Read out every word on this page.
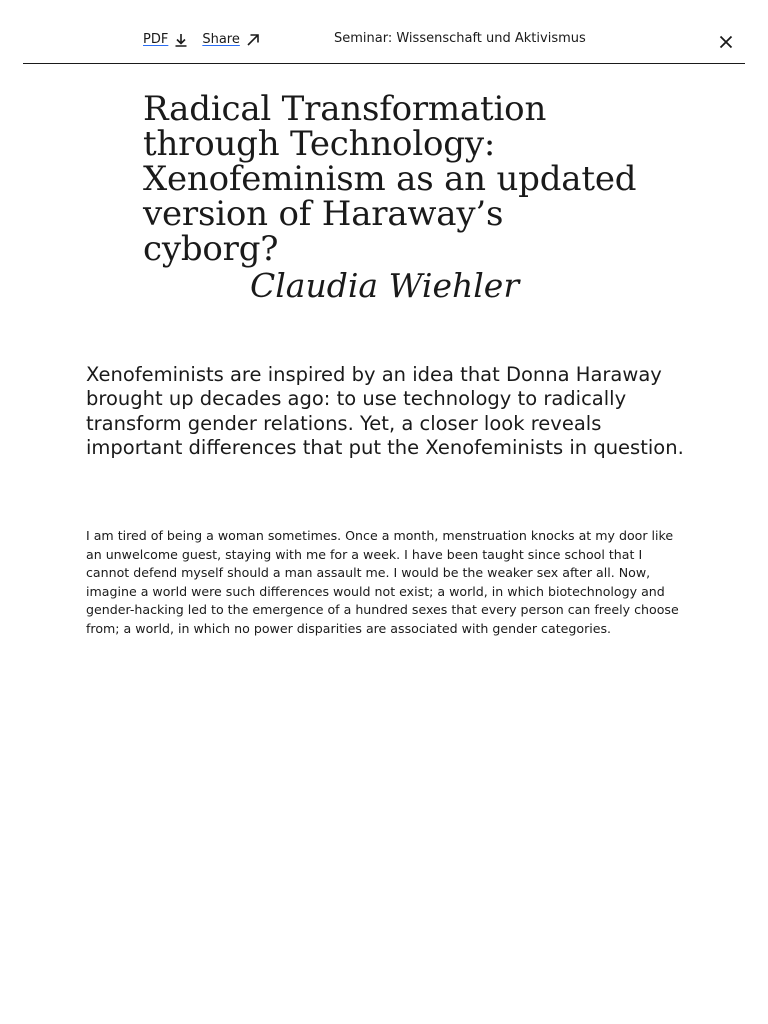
PDF	Share	Seminar: Wissenschaft und Aktivismus
Radical Transformation through Technology: Xenofeminism as an updated version of Haraway’s cyborg?
Claudia Wiehler

Xenofeminists are inspired by an idea that Donna Haraway brought up decades ago: to use technology to radically transform gender relations. Yet, a closer look reveals important differences that put the Xenofeminists in question.

I am tired of being a woman sometimes. Once a month, menstruation knocks at my door like an unwelcome guest, staying with me for a week. I have been taught since school that I cannot defend myself should a man assault me. I would be the weaker sex after all. Now, imagine a world were such differences would not exist; a world, in which biotechnology and gender-hacking led to the emergence of a hundred sexes that every person can freely choose from; a world, in which no power disparities are associated with gender categories.
